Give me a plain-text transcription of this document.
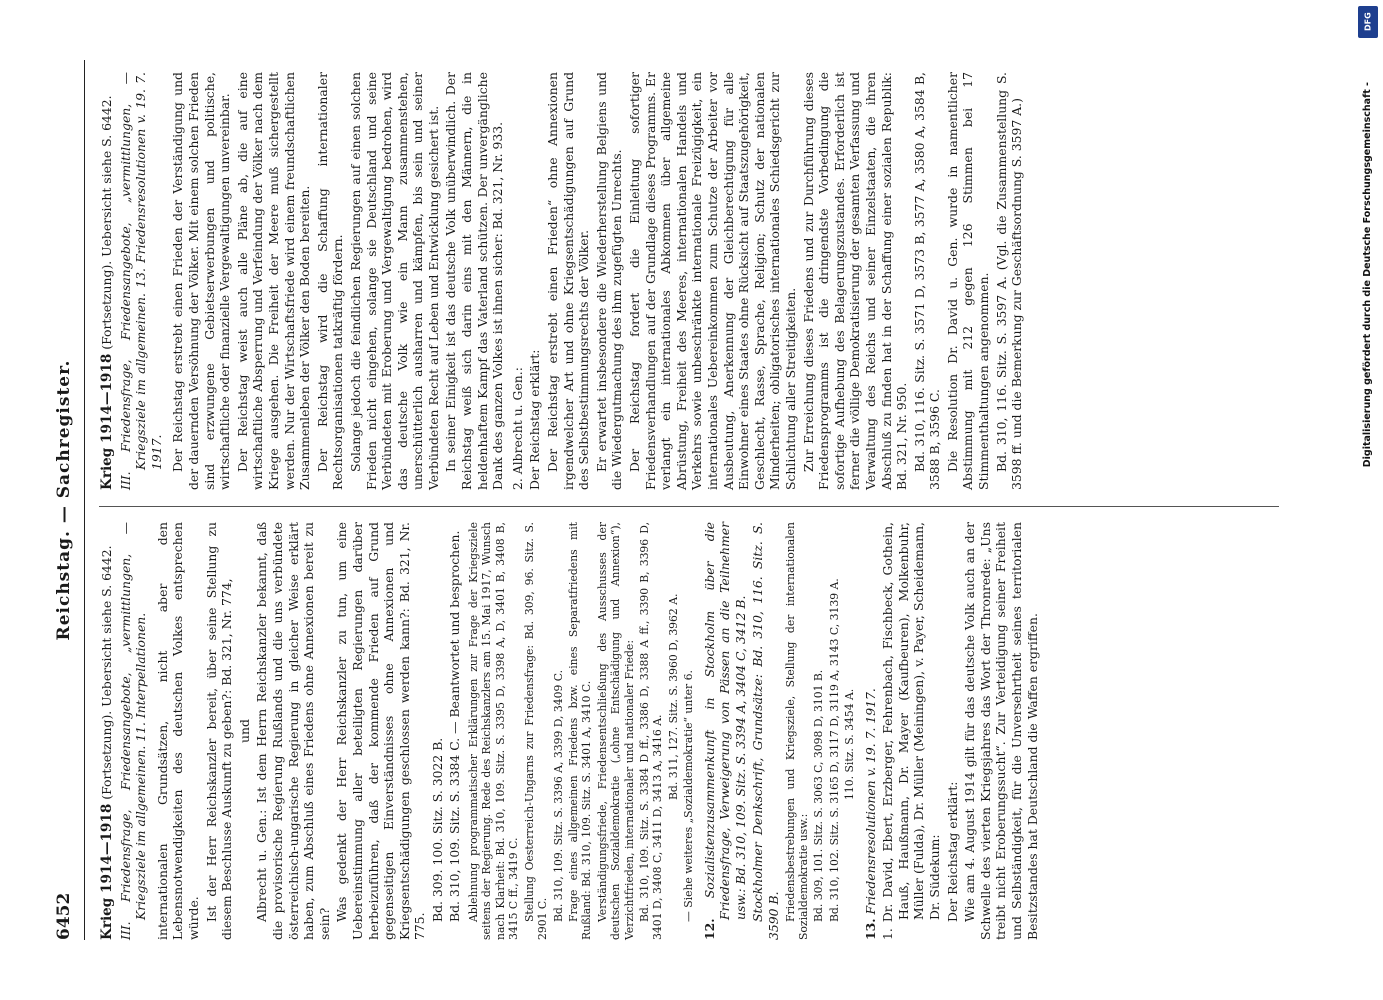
6452
Reichstag. — Sachregister.

Krieg 1914—1918 (Fortsetzung). Uebersicht siehe S. 6442. III. Friedensfrage, Friedensangebote, „vermittlungen, — Kriegsziele im allgemeinen. 11. Interpellationen. internationalen Grundsätzen, nicht aber den Lebensnotwendigkeiten des deutschen Volkes entsprechen würde. Ist der Herr Reichskanzler bereit, über seine Stellung zu diesem Beschlusse Auskunft zu geben?: Bd. 321, Nr. 774, und Albrecht u. Gen.: Ist dem Herrn Reichskanzler bekannt, daß die provisorische Regierung Rußlands und die uns verbündete österreichisch-ungarische Regierung in gleicher Weise erklärt haben, zum Abschluß eines Friedens ohne Annexionen bereit zu sein?

Was gedenkt der Herr Reichskanzler zu tun, um eine Uebereinstimmung aller beteiligten Regierungen darüber herbeizuführen, daß der kommende Frieden auf Grund gegenseitigen Einverständnisses ohne Annexionen und Kriegsentschädigungen geschlossen werden kann?: Bd. 321, Nr. 775.

Bd. 309. 100. Sitz. S. 3022 B. Bd. 310, 109. Sitz. S. 3384 C. — Beantwortet und besprochen. Ablehnung programmatischer Erklärungen zur Frage der Kriegsziele seitens der Regierung. Rede des Reichskanzlers am 15. Mai 1917, Wunsch nach Klarheit: Bd. 310, 109. Sitz. S. 3395 D, 3398 A, D, 3401 B, 3408 B, 3415 C ff., 3419 C. Stellung Oesterreich-Ungarns zur Friedensfrage: Bd. 309, 96. Sitz. S. 2901 C. Bd. 310, 109. Sitz. S. 3396 A, 3399 D, 3409 C. Frage eines allgemeinen Friedens bzw. eines Separatfriedens mit Rußland: Bd. 310, 109. Sitz. S. 3401 A, 3410 C. Verständigungsfriede, Friedensentschließung des Ausschusses der deutschen Sozialdemokratie („ohne Entschädigung und Annexion“), Verzichtfrieden, internationaler und nationaler Friede: Bd. 310, 109. Sitz. S. 3384 D ff., 3386 D, 3388 A ff., 3390 B, 3396 D, 3401 D, 3408 C, 3411 D, 3413 A, 3416 A.

Bd. 311, 127. Sitz. S. 3960 D, 3962 A. — Siehe weiteres „Sozialdemokratie“ unter 6.

12. Sozialistenzusammenkunft in Stockholm über die Friedensfrage, Verweigerung von Pässen an die Teilnehmer usw.: Bd. 310, 109. Sitz. S. 3394 A, 3404 C, 3412 B. Stockholmer Denkschrift, Grundsätze: Bd. 310, 116. Sitz. S. 3590 B. Friedensbestrebungen und Kriegsziele, Stellung der internationalen Sozialdemokratie usw.: Bd. 309, 101. Sitz. S. 3063 C, 3098 D, 3101 B. Bd. 310, 102. Sitz. S. 3165 D, 3117 D, 3119 A, 3143 C, 3139 A. 110. Sitz. S. 3454 A.

13. Friedensresolutionen v. 19. 7. 1917. 1. Dr. David, Ebert, Erzberger, Fehrenbach, Fischbeck, Gothein, Hauß, Haußmann, Dr. Mayer (Kaufbeuren), Molkenbuhr, Müller (Fulda), Dr. Müller (Meiningen), v. Payer, Scheidemann, Dr. Südekum: Der Reichstag erklärt: Wie am 4. August 1914 gilt für das deutsche Volk auch an der Schwelle des vierten Kriegsjahres das Wort der Thronrede: „Uns treibt nicht Eroberungssucht“. Zur Verteidigung seiner Freiheit und Selbständigkeit, für die Unversehrtheit seines territorialen Besitzstandes hat Deutschland die Waffen ergriffen.

Krieg 1914—1918 (Fortsetzung). Uebersicht siehe S. 6442. III. Friedensfrage, Friedensangebote, „vermittlungen, — Kriegsziele im allgemeinen. 13. Friedensresolutionen v. 19. 7. 1917. Der Reichstag erstrebt einen Frieden der Verständigung und der dauernden Versöhnung der Völker. Mit einem solchen Frieden sind erzwungene Gebietserwerbungen und politische, wirtschaftliche oder finanzielle Vergewaltigungen unvereinbar. Der Reichstag weist auch alle Pläne ab, die auf eine wirtschaftliche Absperrung und Verfeindung der Völker nach dem Kriege ausgehen. Die Freiheit der Meere muß sichergestellt werden. Nur der Wirtschaftsfriede wird einem freundschaftlichen Zusammenleben der Völker den Boden bereiten. Der Reichstag wird die Schaffung internationaler Rechtsorganisationen tatkräftig fördern. Solange jedoch die feindlichen Regierungen auf einen solchen Frieden nicht eingehen, solange sie Deutschland und seine Verbündeten mit Eroberung und Vergewaltigung bedrohen, wird das deutsche Volk wie ein Mann zusammenstehen, unerschütterlich ausharren und kämpfen, bis sein und seiner Verbündeten Recht auf Leben und Entwicklung gesichert ist. In seiner Einigkeit ist das deutsche Volk unüberwindlich. Der Reichstag weiß sich darin eins mit den Männern, die in heldenhaftem Kampf das Vaterland schützen. Der unvergängliche Dank des ganzen Volkes ist ihnen sicher: Bd. 321, Nr. 933. 2. Albrecht u. Gen.: Der Reichstag erklärt: Der Reichstag erstrebt einen Frieden“ ohne Annexionen irgendwelcher Art und ohne Kriegsentschädigungen auf Grund des Selbstbestimmungsrechts der Völker. Er erwartet insbesondere die Wiederherstellung Belgiens und die Wiedergutmachung des ihm zugefügten Unrechts. Der Reichstag fordert die Einleitung sofortiger Friedensverhandlungen auf der Grundlage dieses Programms. Er verlangt ein internationales Abkommen über allgemeine Abrüstung, Freiheit des Meeres, internationalen Handels und Verkehrs sowie unbeschränkte internationale Freizügigkeit, ein internationales Uebereinkommen zum Schutze der Arbeiter vor Ausbeutung, Anerkennung der Gleichberechtigung für alle Einwohner eines Staates ohne Rücksicht auf Staatszugehörigkeit, Geschlecht, Rasse, Sprache, Religion; Schutz der nationalen Minderheiten; obligatorisches internationales Schiedsgericht zur Schlichtung aller Streitigkeiten. Zur Erreichung dieses Friedens und zur Durchführung dieses Friedensprogramms ist die dringendste Vorbedingung die sofortige Aufhebung des Belagerungszustandes. Erforderlich ist ferner die völlige Demokratisierung der gesamten Verfassung und Verwaltung des Reichs und seiner Einzelstaaten, die ihren Abschluß zu finden hat in der Schaffung einer sozialen Republik: Bd. 321, Nr. 950. Bd. 310, 116. Sitz. S. 3571 D, 3573 B, 3577 A, 3580 A, 3584 B, 3588 B, 3596 C. Die Resolution Dr. David u. Gen. wurde in namentlicher Abstimmung mit 212 gegen 126 Stimmen bei 17 Stimmenthaltungen angenommen. Bd. 310, 116. Sitz. S. 3597 A. (Vgl. die Zusammenstellung S. 3598 ff. und die Bemerkung zur Geschäftsordnung S. 3597 A.)

DFG
Digitalisierung gefördert durch die Deutsche Forschungsgemeinschaft -
